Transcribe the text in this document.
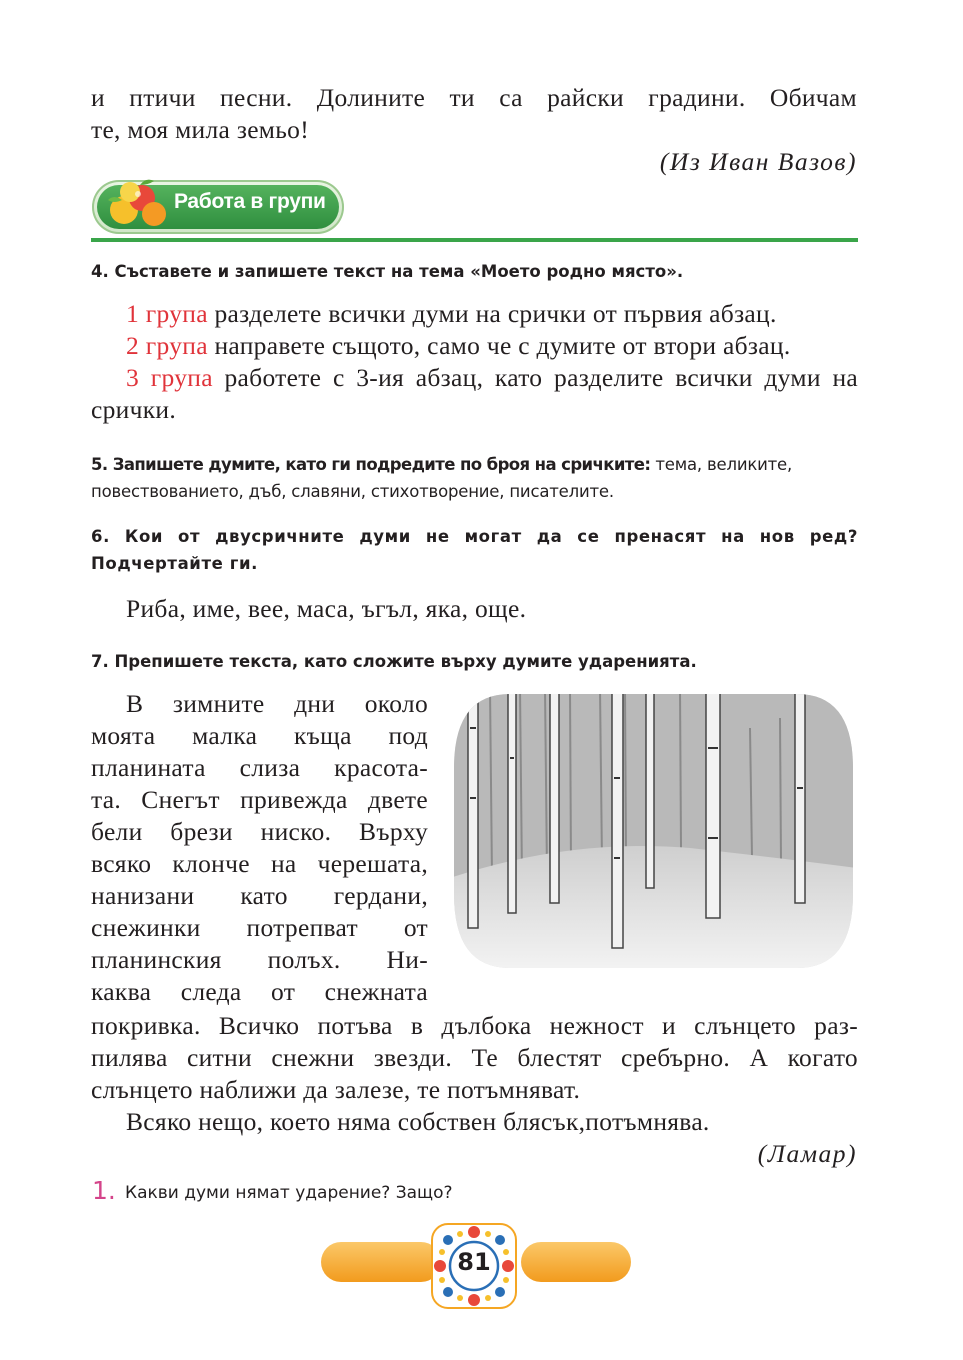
и птичи песни. Долините ти са райски градини. Обичам

те, моя мила земьо!

(Из Иван Вазов)
Работа в групи
4. Съставете и запишете текст на тема «Моето родно място».

1 група разделете всички думи на срички от първия абзац.

2 група направете същото, само че с думите от втори абзац.

3 група работете с 3-ия абзац, като разделите всички думи на срички.

5. Запишете думите, като ги подредите по броя на сричките: тема, великите, повествованието, дъб, славяни, стихотворение, писателите.
6. Кои от двусричните думи не могат да се пренасят на нов ред? Подчертайте ги.
Риба, име, вее, маса, ъгъл, яка, още.
7. Препишете текста, като сложите върху думите ударенията.
В зимните дни около
моята малка къща под
планината слиза красота-
та. Снегът привежда двете
бели брези ниско. Върху
всяко клонче на черешата,
нанизани като гердани,
снежинки потрепват от
планинския полъх. Ни-
каква следа от снежната
покривка. Всичко потъва в дълбока нежност и слънцето раз-
пилява ситни снежни звезди. Те блестят сребърно. А когато
слънцето наближи да залезе, те потъмняват.
Всяко нещо, което няма собствен блясък,потъмнява.
(Ламар)
1. Какви думи нямат ударение? Защо?
81
